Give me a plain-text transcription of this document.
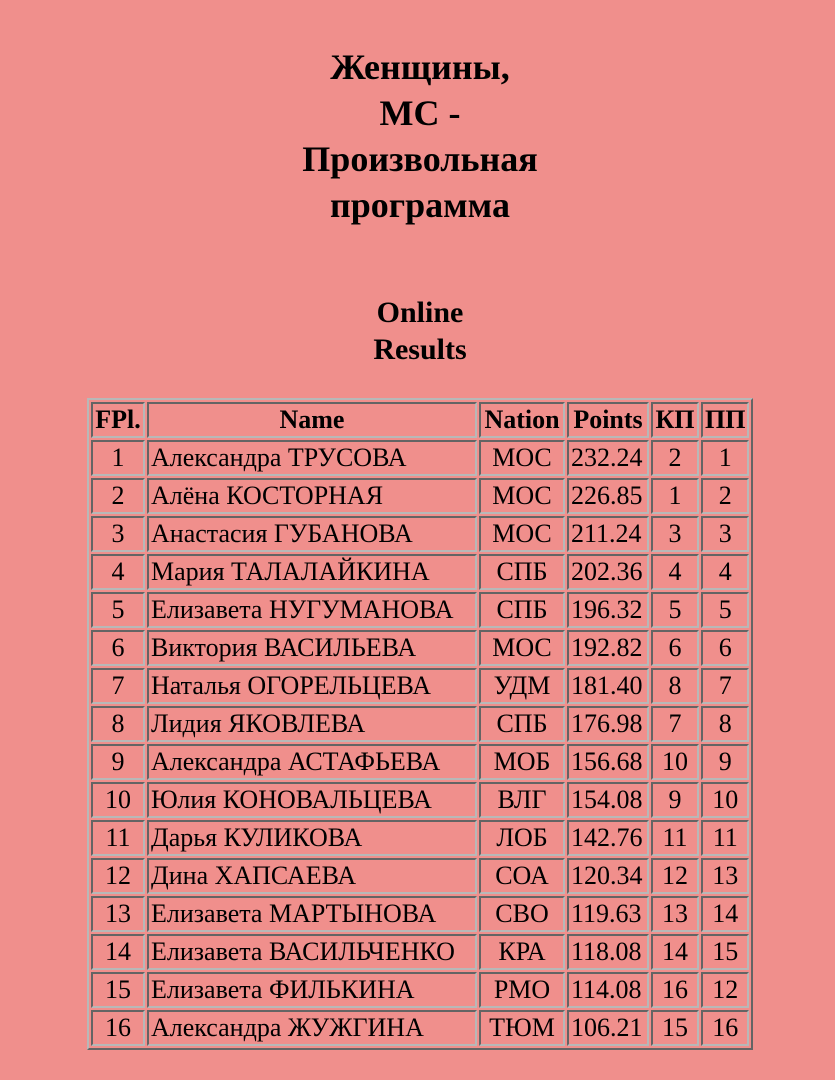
Женщины,
МС -
Произвольная
программа
Online
Results
FPl.	Name	Nation	Points	КП	ПП
1	Александра ТРУСОВА	МОС	232.24	2	1
2	Алёна КОСТОРНАЯ	МОС	226.85	1	2
3	Анастасия ГУБАНОВА	МОС	211.24	3	3
4	Мария ТАЛАЛАЙКИНА	СПБ	202.36	4	4
5	Елизавета НУГУМАНОВА	СПБ	196.32	5	5
6	Виктория ВАСИЛЬЕВА	МОС	192.82	6	6
7	Наталья ОГОРЕЛЬЦЕВА	УДМ	181.40	8	7
8	Лидия ЯКОВЛЕВА	СПБ	176.98	7	8
9	Александра АСТАФЬЕВА	МОБ	156.68	10	9
10	Юлия КОНОВАЛЬЦЕВА	ВЛГ	154.08	9	10
11	Дарья КУЛИКОВА	ЛОБ	142.76	11	11
12	Дина ХАПСАЕВА	СОА	120.34	12	13
13	Елизавета МАРТЫНОВА	СВО	119.63	13	14
14	Елизавета ВАСИЛЬЧЕНКО	КРА	118.08	14	15
15	Елизавета ФИЛЬКИНА	РМО	114.08	16	12
16	Александра ЖУЖГИНА	ТЮМ	106.21	15	16
